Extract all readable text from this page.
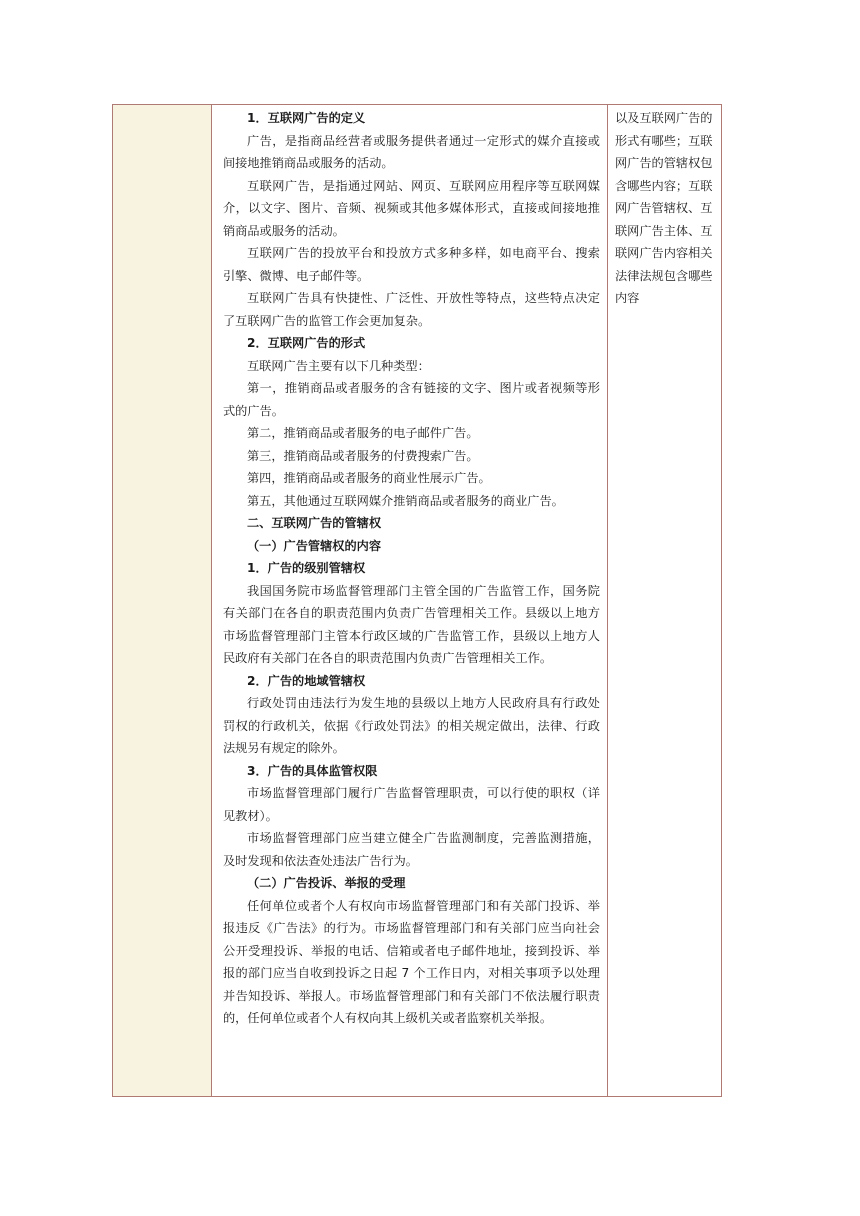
1．互联网广告的定义

广告，是指商品经营者或服务提供者通过一定形式的媒介直接或间接地推销商品或服务的活动。

互联网广告，是指通过网站、网页、互联网应用程序等互联网媒介，以文字、图片、音频、视频或其他多媒体形式，直接或间接地推销商品或服务的活动。

互联网广告的投放平台和投放方式多种多样，如电商平台、搜索引擎、微博、电子邮件等。

互联网广告具有快捷性、广泛性、开放性等特点，这些特点决定了互联网广告的监管工作会更加复杂。

2．互联网广告的形式

互联网广告主要有以下几种类型：

第一，推销商品或者服务的含有链接的文字、图片或者视频等形式的广告。

第二，推销商品或者服务的电子邮件广告。

第三，推销商品或者服务的付费搜索广告。

第四，推销商品或者服务的商业性展示广告。

第五，其他通过互联网媒介推销商品或者服务的商业广告。

二、互联网广告的管辖权

（一）广告管辖权的内容

1．广告的级别管辖权

我国国务院市场监督管理部门主管全国的广告监管工作，国务院有关部门在各自的职责范围内负责广告管理相关工作。县级以上地方市场监督管理部门主管本行政区域的广告监管工作，县级以上地方人民政府有关部门在各自的职责范围内负责广告管理相关工作。

2．广告的地域管辖权

行政处罚由违法行为发生地的县级以上地方人民政府具有行政处罚权的行政机关，依据《行政处罚法》的相关规定做出，法律、行政法规另有规定的除外。

3．广告的具体监管权限

市场监督管理部门履行广告监督管理职责，可以行使的职权（详见教材）。

市场监督管理部门应当建立健全广告监测制度，完善监测措施，及时发现和依法查处违法广告行为。

（二）广告投诉、举报的受理

任何单位或者个人有权向市场监督管理部门和有关部门投诉、举报违反《广告法》的行为。市场监督管理部门和有关部门应当向社会公开受理投诉、举报的电话、信箱或者电子邮件地址，接到投诉、举报的部门应当自收到投诉之日起 7 个工作日内，对相关事项予以处理并告知投诉、举报人。市场监督管理部门和有关部门不依法履行职责的，任何单位或者个人有权向其上级机关或者监察机关举报。

以及互联网广告的形式有哪些；互联网广告的管辖权包含哪些内容；互联网广告管辖权、互联网广告主体、互联网广告内容相关法律法规包含哪些内容
